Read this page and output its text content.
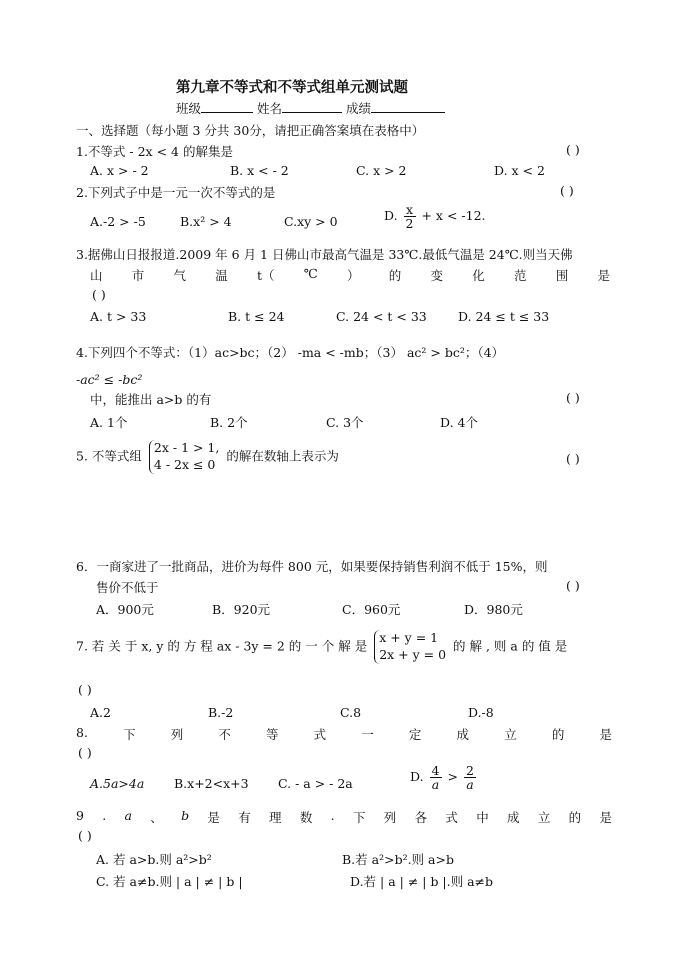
第九章不等式和不等式组单元测试题
班级	姓名	成绩
一、选择题（每小题 3 分共 30分，请把正确答案填在表格中）
1.不等式 - 2x < 4 的解集是	( )
A. x > - 2	B. x < - 2	C. x > 2	D. x < 2
2.下列式子中是一元一次不等式的是	( )
A.-2 > -5	B.x² > 4	C.xy > 0	D. $\frac{x}{2} + x < -12$.
3.据佛山日报报道.2009 年 6 月 1 日佛山市最高气温是 33℃.最低气温是 24℃.则当天佛
山 市 气 温 t（ ℃ ） 的 变 化 范 围 是
( )
A. t > 33	B. t ≤ 24	C. 24 < t < 33	D. 24 ≤ t ≤ 33
4.下列四个不等式：（1）ac>bc；（2） -ma < -mb；（3） ac² > bc²；（4）
-ac² ≤ -bc²
中，能推出 a>b 的有	( )
A. 1个	B. 2个	C. 3个	D. 4个
5. 不等式组
2x - 1 > 1,
4 - 2x ≤ 0
的解在数轴上表示为	( )
6．一商家进了一批商品，进价为每件 800 元，如果要保持销售利润不低于 15%，则
售价不低于	( )
A．900元	B．920元	C．960元	D．980元
7. 若 关 于 x, y 的 方 程 ax - 3y = 2 的 一 个 解 是
x + y = 1
2x + y = 0
的 解 , 则 a 的 值 是
( )
A.2	B.-2	C.8	D.-8
8.	下	列	不	等	式	一	定	成	立	的	是
( )
A.5a>4a B.x+2<x+3 C. - a > - 2a	D. $\frac{4}{a} > \frac{2}{a}$
9 . a 、 b 是 有 理 数 . 下 列 各 式 中 成 立 的 是
( )
A. 若 a>b.则 a²>b²	B.若 a²>b².则 a>b
C. 若 a≠b.则 | a | ≠ | b |	D.若 | a | ≠ | b |.则 a≠b
